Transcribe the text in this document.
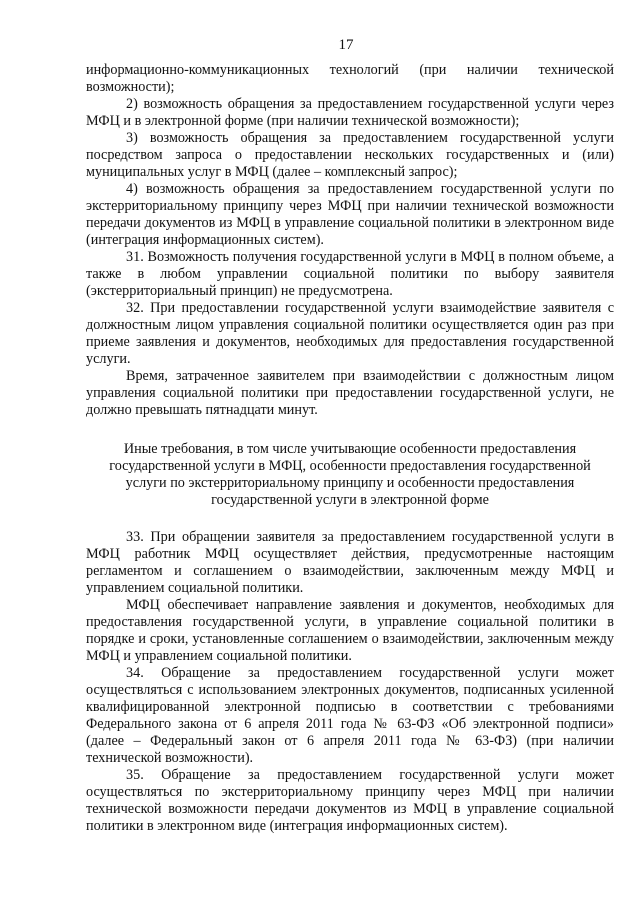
17

информационно-коммуникационных технологий (при наличии технической возможности);

2) возможность обращения за предоставлением государственной услуги через МФЦ и в электронной форме (при наличии технической возможности);

3) возможность обращения за предоставлением государственной услуги посредством запроса о предоставлении нескольких государственных и (или) муниципальных услуг в МФЦ (далее – комплексный запрос);

4) возможность обращения за предоставлением государственной услуги по экстерриториальному принципу через МФЦ при наличии технической возможности передачи документов из МФЦ в управление социальной политики в электронном виде (интеграция информационных систем).

31. Возможность получения государственной услуги в МФЦ в полном объеме, а также в любом управлении социальной политики по выбору заявителя (экстерриториальный принцип) не предусмотрена.

32. При предоставлении государственной услуги взаимодействие заявителя с должностным лицом управления социальной политики осуществляется один раз при приеме заявления и документов, необходимых для предоставления государственной услуги.

Время, затраченное заявителем при взаимодействии с должностным лицом управления социальной политики при предоставлении государственной услуги, не должно превышать пятнадцати минут.

Иные требования, в том числе учитывающие особенности предоставления
государственной услуги в МФЦ, особенности предоставления государственной
услуги по экстерриториальному принципу и особенности предоставления
государственной услуги в электронной форме

33. При обращении заявителя за предоставлением государственной услуги в МФЦ работник МФЦ осуществляет действия, предусмотренные настоящим регламентом и соглашением о взаимодействии, заключенным между МФЦ и управлением социальной политики.

МФЦ обеспечивает направление заявления и документов, необходимых для предоставления государственной услуги, в управление социальной политики в порядке и сроки, установленные соглашением о взаимодействии, заключенным между МФЦ и управлением социальной политики.

34. Обращение за предоставлением государственной услуги может осуществляться с использованием электронных документов, подписанных усиленной квалифицированной электронной подписью в соответствии с требованиями Федерального закона от 6 апреля 2011 года № 63-ФЗ «Об электронной подписи» (далее – Федеральный закон от 6 апреля 2011 года № 63-ФЗ) (при наличии технической возможности).

35. Обращение за предоставлением государственной услуги может осуществляться по экстерриториальному принципу через МФЦ при наличии технической возможности передачи документов из МФЦ в управление социальной политики в электронном виде (интеграция информационных систем).
